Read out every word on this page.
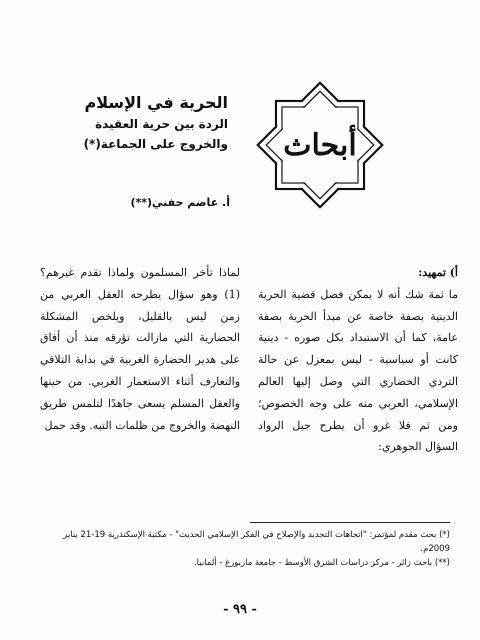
أبحاث

الحرية في الإسلام

الردة بين حرية العقيدة

والخروج على الجماعة(*)

أ. عاصم حفني(**)

أ) تمهيد:

ما ثمة شك أنه لا يمكن فصل قضية الحرية الدينية بصفة خاصة عن مبدأ الحرية بصفة عامة، كما أن الاستبداد بكل صوره - دينية كانت أو سياسية - ليس بمعزل عن حالة التردي الحضاري التي وصل إليها العالم الإسلامي، العربي منه على وجه الخصوص؛ ومن ثم فلا غرو أن يطرح جيل الرواد السؤال الجوهري:

لماذا تأخر المسلمون ولماذا تقدم غيرهم؟(1) وهو سؤال يطرحه العقل العربي من زمن ليس بالقليل، ويلخص المشكلة الحضارية التي مازالت تؤرقه منذ أن أفاق على هدير الحضارة الغربية في بداية التلاقي والتعارف أثناء الاستعمار الغربي. من حينها والعقل المسلم يسعى جاهدًا لتلمس طريق النهضة والخروج من ظلمات التيه. وقد حمل

(*) بحث مقدم لمؤتمر: "اتجاهات التجديد والإصلاح في الفكر الإسلامي الحديث" - مكتبة الإسكندرية 19-21 يناير 2009م.

(**) باحث زائر - مركز دراسات الشرق الأوسط - جامعة ماربورغ - ألمانيا.

- ٩٩ -
